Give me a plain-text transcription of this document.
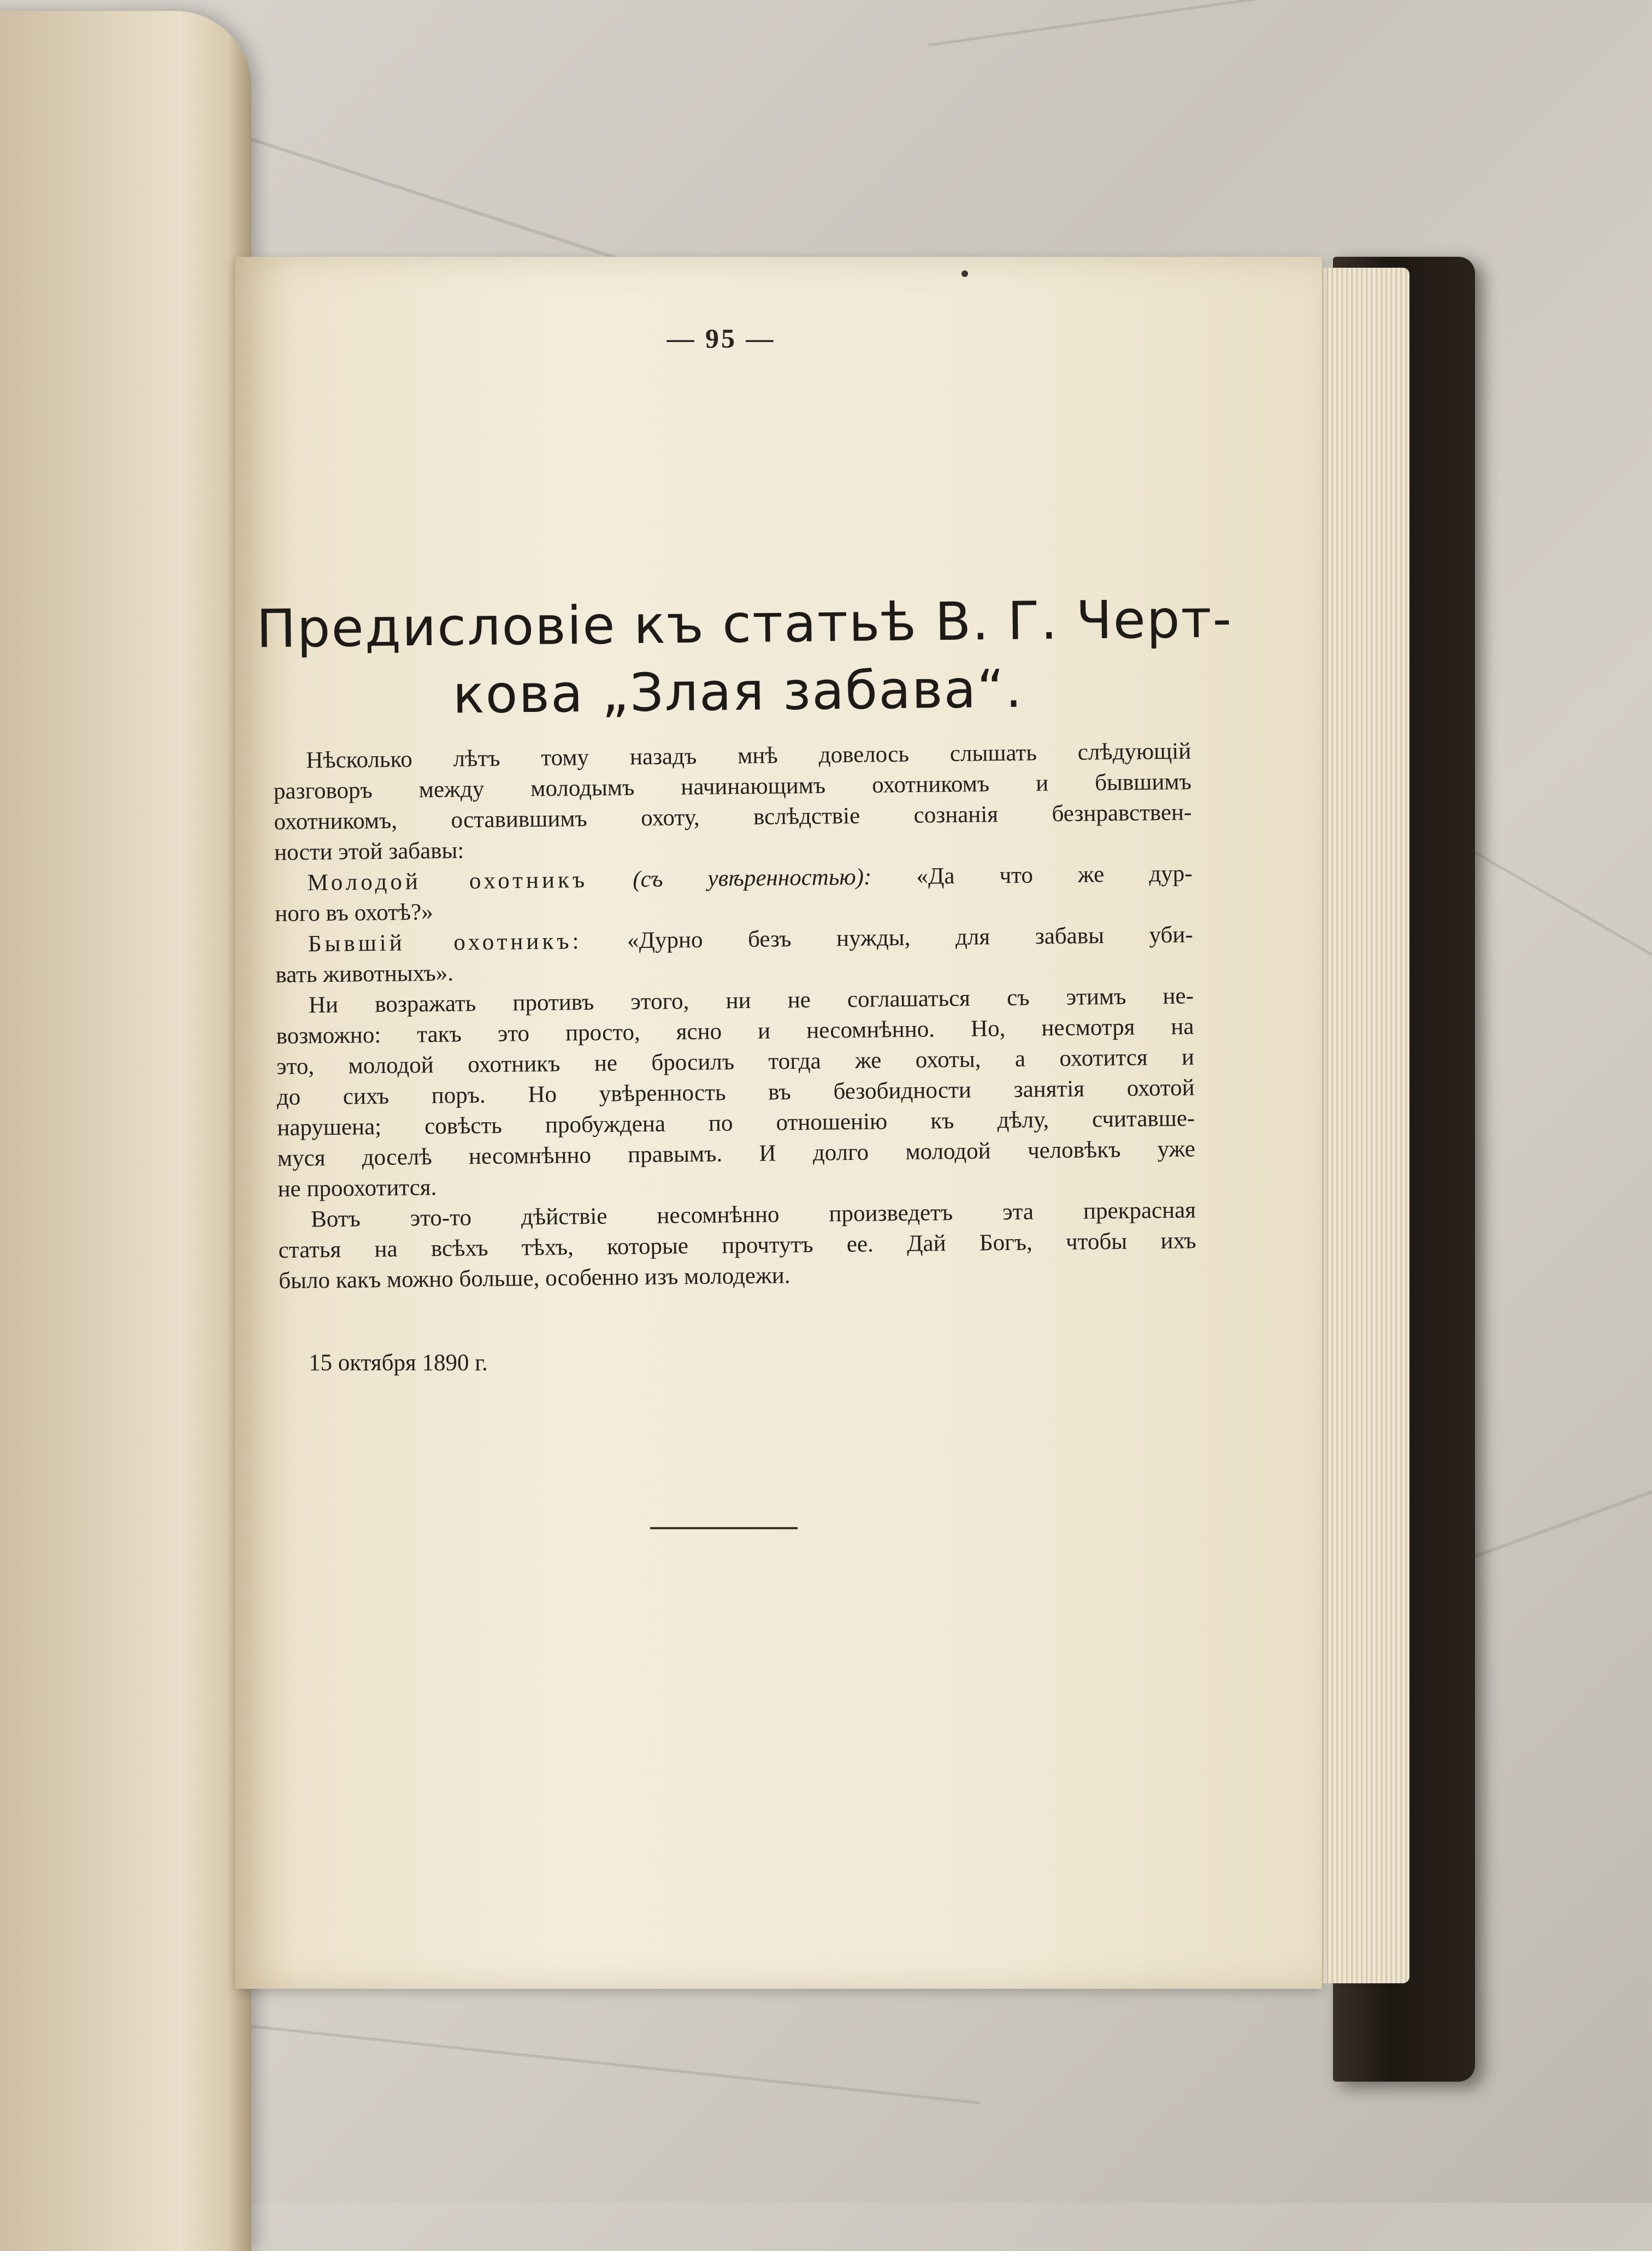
— 95 —
Предисловіе къ статьѣ В. Г. Черт-
кова „Злая забава“.
Нѣсколько лѣтъ тому назадъ мнѣ довелось слышать слѣдующій
разговоръ между молодымъ начинающимъ охотникомъ и бывшимъ
охотникомъ, оставившимъ охоту, вслѣдствіе сознанія безнравствен-
ности этой забавы:
Молодой охотникъ (съ увѣренностью): «Да что же дур-
ного въ охотѣ?»
Бывшій охотникъ: «Дурно безъ нужды, для забавы уби-
вать животныхъ».
Ни возражать противъ этого, ни не соглашаться съ этимъ не-
возможно: такъ это просто, ясно и несомнѣнно. Но, несмотря на
это, молодой охотникъ не бросилъ тогда же охоты, а охотится и
до сихъ поръ. Но увѣренность въ безобидности занятія охотой
нарушена; совѣсть пробуждена по отношенію къ дѣлу, считавше-
муся доселѣ несомнѣнно правымъ. И долго молодой человѣкъ уже
не проохотится.
Вотъ это-то дѣйствіе несомнѣнно произведетъ эта прекрасная
статья на всѣхъ тѣхъ, которые прочтутъ ее. Дай Богъ, чтобы ихъ
было какъ можно больше, особенно изъ молодежи.
15 октября 1890 г.
